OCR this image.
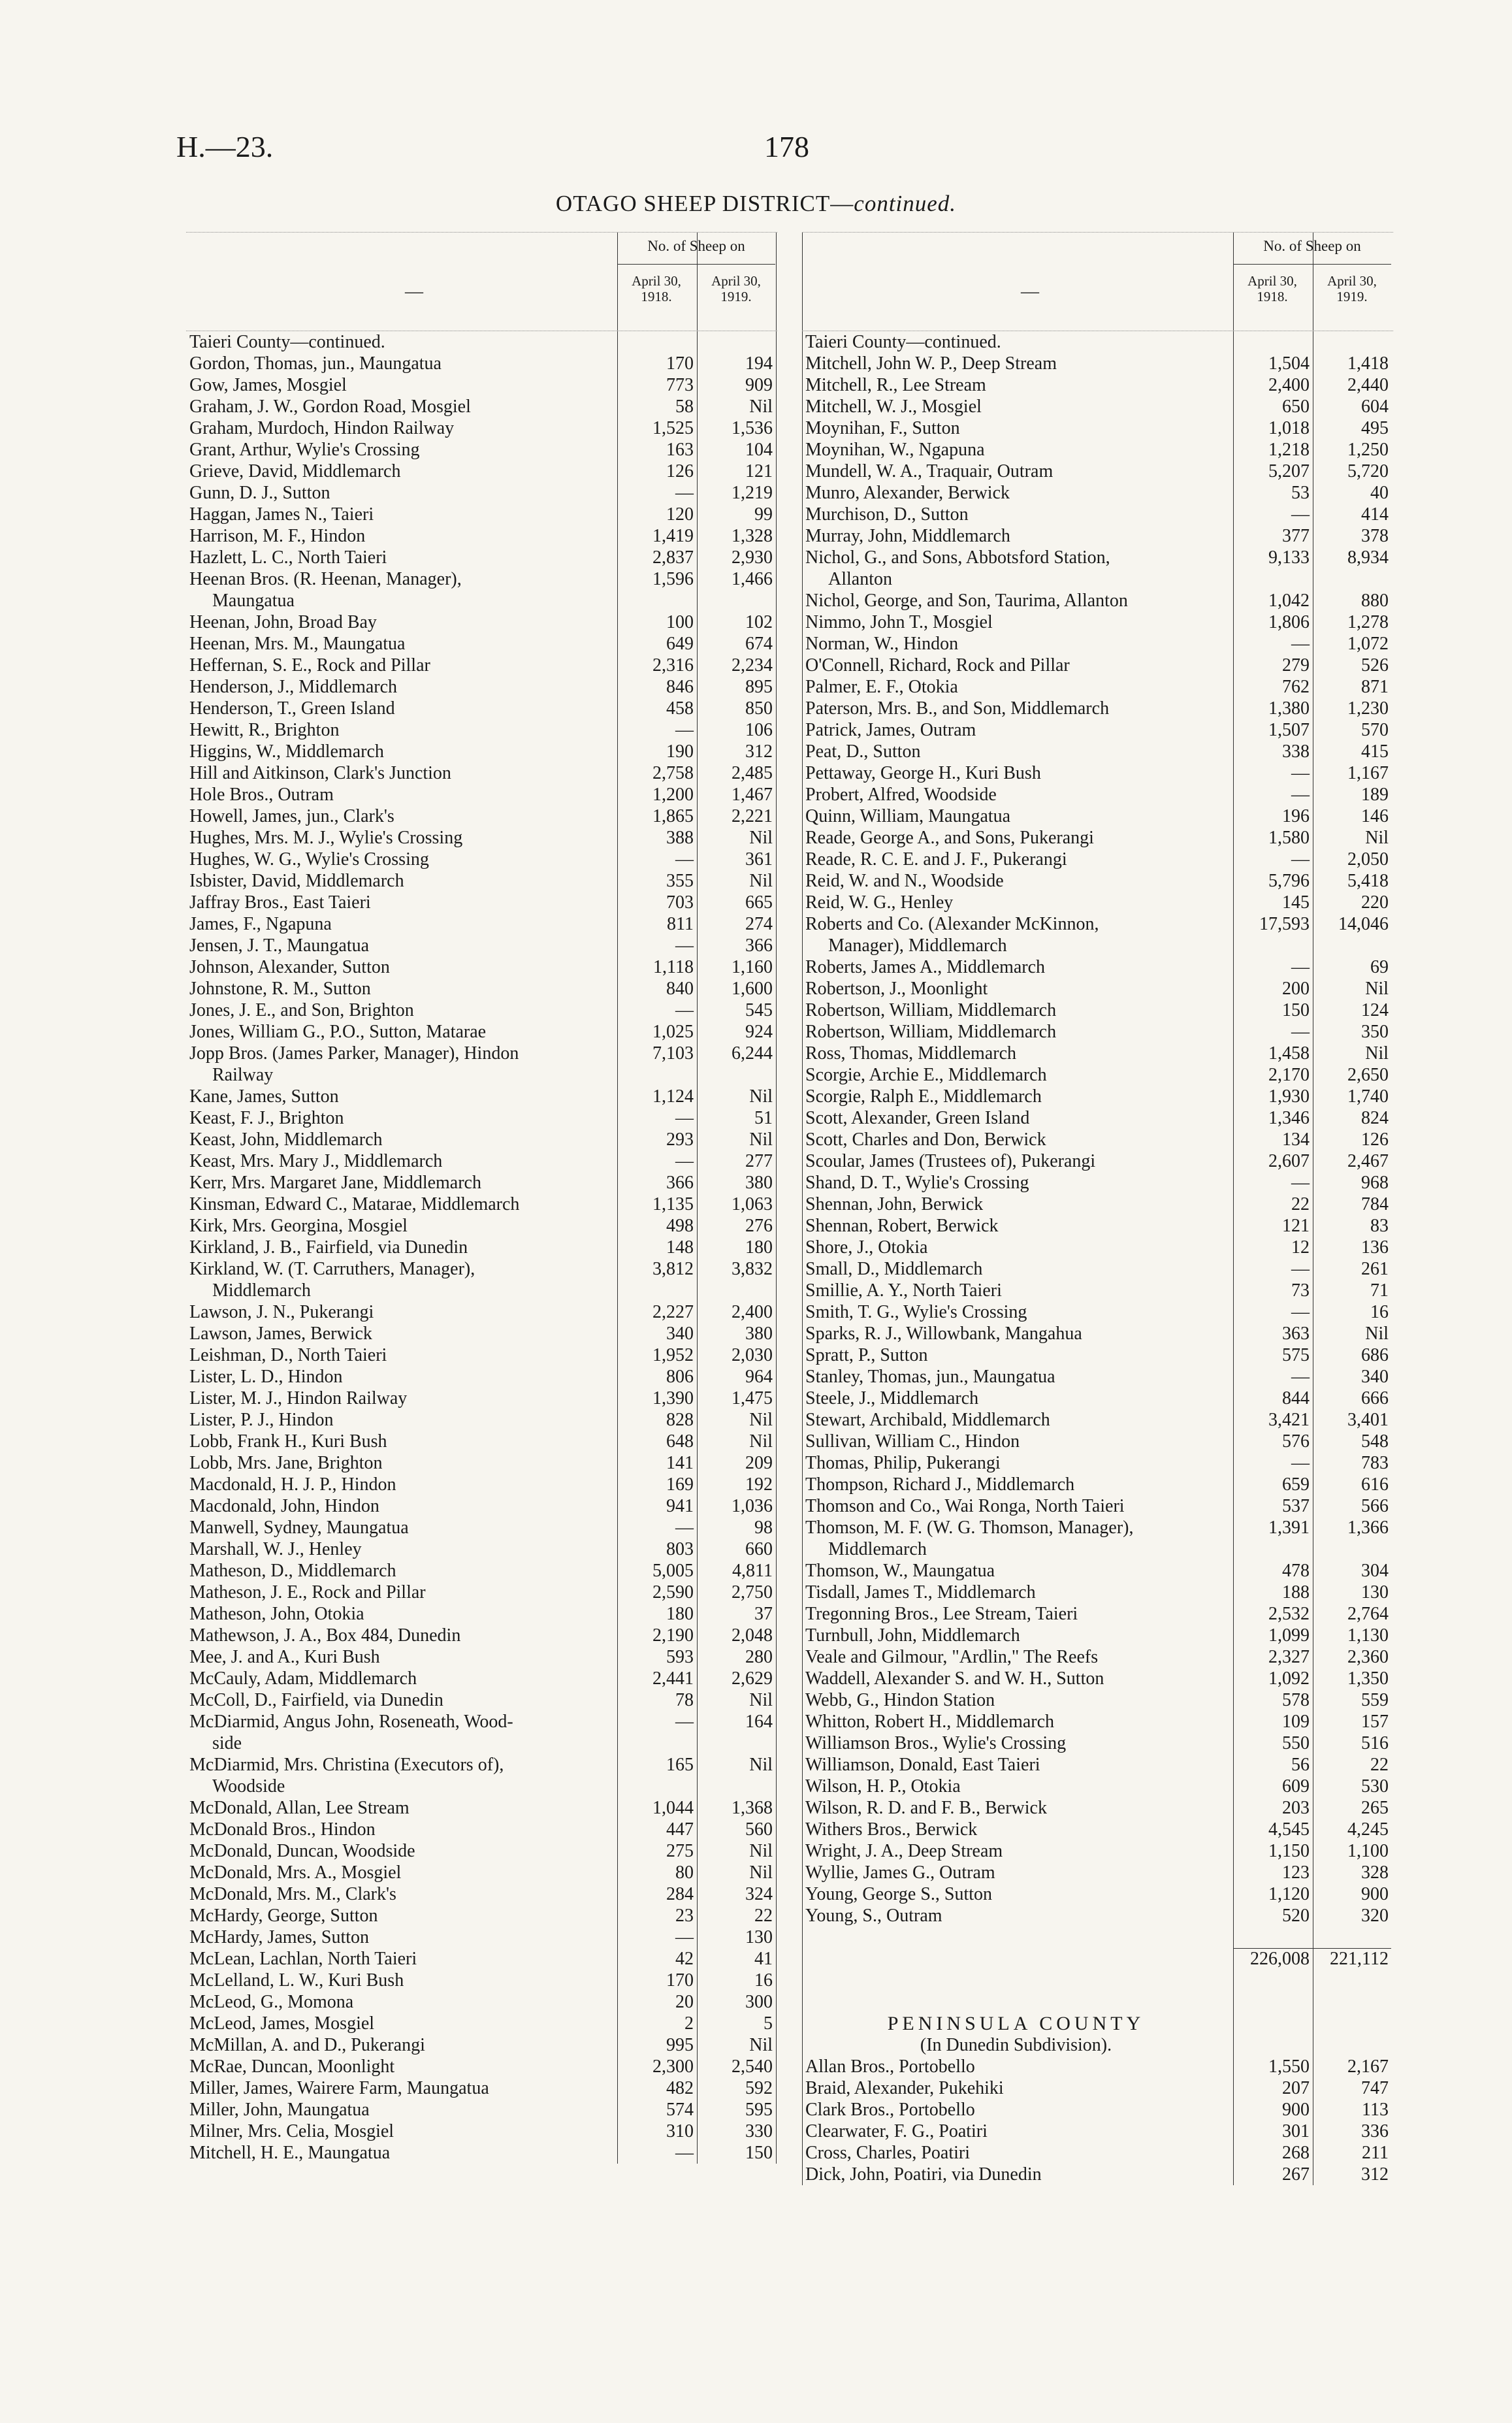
H.—23.	178
OTAGO SHEEP DISTRICT—continued.
—
No. of Sheep on
April 30, 1918.
April 30, 1919.
Taieri County—continued.
Gordon, Thomas, jun., Maungatua	170	194
Gow, James, Mosgiel	773	909
Graham, J. W., Gordon Road, Mosgiel	58	Nil
Graham, Murdoch, Hindon Railway	1,525	1,536
Grant, Arthur, Wylie's Crossing	163	104
Grieve, David, Middlemarch	126	121
Gunn, D. J., Sutton	—	1,219
Haggan, James N., Taieri	120	99
Harrison, M. F., Hindon	1,419	1,328
Hazlett, L. C., North Taieri	2,837	2,930
Heenan Bros. (R. Heenan, Manager),	1,596	1,466
Maungatua
Heenan, John, Broad Bay	100	102
Heenan, Mrs. M., Maungatua	649	674
Heffernan, S. E., Rock and Pillar	2,316	2,234
Henderson, J., Middlemarch	846	895
Henderson, T., Green Island	458	850
Hewitt, R., Brighton	—	106
Higgins, W., Middlemarch	190	312
Hill and Aitkinson, Clark's Junction	2,758	2,485
Hole Bros., Outram	1,200	1,467
Howell, James, jun., Clark's	1,865	2,221
Hughes, Mrs. M. J., Wylie's Crossing	388	Nil
Hughes, W. G., Wylie's Crossing	—	361
Isbister, David, Middlemarch	355	Nil
Jaffray Bros., East Taieri	703	665
James, F., Ngapuna	811	274
Jensen, J. T., Maungatua	—	366
Johnson, Alexander, Sutton	1,118	1,160
Johnstone, R. M., Sutton	840	1,600
Jones, J. E., and Son, Brighton	—	545
Jones, William G., P.O., Sutton, Matarae	1,025	924
Jopp Bros. (James Parker, Manager), Hindon	7,103	6,244
Railway
Kane, James, Sutton	1,124	Nil
Keast, F. J., Brighton	—	51
Keast, John, Middlemarch	293	Nil
Keast, Mrs. Mary J., Middlemarch	—	277
Kerr, Mrs. Margaret Jane, Middlemarch	366	380
Kinsman, Edward C., Matarae, Middlemarch	1,135	1,063
Kirk, Mrs. Georgina, Mosgiel	498	276
Kirkland, J. B., Fairfield, via Dunedin	148	180
Kirkland, W. (T. Carruthers, Manager),	3,812	3,832
Middlemarch
Lawson, J. N., Pukerangi	2,227	2,400
Lawson, James, Berwick	340	380
Leishman, D., North Taieri	1,952	2,030
Lister, L. D., Hindon	806	964
Lister, M. J., Hindon Railway	1,390	1,475
Lister, P. J., Hindon	828	Nil
Lobb, Frank H., Kuri Bush	648	Nil
Lobb, Mrs. Jane, Brighton	141	209
Macdonald, H. J. P., Hindon	169	192
Macdonald, John, Hindon	941	1,036
Manwell, Sydney, Maungatua	—	98
Marshall, W. J., Henley	803	660
Matheson, D., Middlemarch	5,005	4,811
Matheson, J. E., Rock and Pillar	2,590	2,750
Matheson, John, Otokia	180	37
Mathewson, J. A., Box 484, Dunedin	2,190	2,048
Mee, J. and A., Kuri Bush	593	280
McCauly, Adam, Middlemarch	2,441	2,629
McColl, D., Fairfield, via Dunedin	78	Nil
McDiarmid, Angus John, Roseneath, Wood-	—	164
side
McDiarmid, Mrs. Christina (Executors of),	165	Nil
Woodside
McDonald, Allan, Lee Stream	1,044	1,368
McDonald Bros., Hindon	447	560
McDonald, Duncan, Woodside	275	Nil
McDonald, Mrs. A., Mosgiel	80	Nil
McDonald, Mrs. M., Clark's	284	324
McHardy, George, Sutton	23	22
McHardy, James, Sutton	—	130
McLean, Lachlan, North Taieri	42	41
McLelland, L. W., Kuri Bush	170	16
McLeod, G., Momona	20	300
McLeod, James, Mosgiel	2	5
McMillan, A. and D., Pukerangi	995	Nil
McRae, Duncan, Moonlight	2,300	2,540
Miller, James, Wairere Farm, Maungatua	482	592
Miller, John, Maungatua	574	595
Milner, Mrs. Celia, Mosgiel	310	330
Mitchell, H. E., Maungatua	—	150
—
No. of Sheep on
April 30, 1918.
April 30, 1919.
Taieri County—continued.
Mitchell, John W. P., Deep Stream	1,504	1,418
Mitchell, R., Lee Stream	2,400	2,440
Mitchell, W. J., Mosgiel	650	604
Moynihan, F., Sutton	1,018	495
Moynihan, W., Ngapuna	1,218	1,250
Mundell, W. A., Traquair, Outram	5,207	5,720
Munro, Alexander, Berwick	53	40
Murchison, D., Sutton	—	414
Murray, John, Middlemarch	377	378
Nichol, G., and Sons, Abbotsford Station,	9,133	8,934
Allanton
Nichol, George, and Son, Taurima, Allanton	1,042	880
Nimmo, John T., Mosgiel	1,806	1,278
Norman, W., Hindon	—	1,072
O'Connell, Richard, Rock and Pillar	279	526
Palmer, E. F., Otokia	762	871
Paterson, Mrs. B., and Son, Middlemarch	1,380	1,230
Patrick, James, Outram	1,507	570
Peat, D., Sutton	338	415
Pettaway, George H., Kuri Bush	—	1,167
Probert, Alfred, Woodside	—	189
Quinn, William, Maungatua	196	146
Reade, George A., and Sons, Pukerangi	1,580	Nil
Reade, R. C. E. and J. F., Pukerangi	—	2,050
Reid, W. and N., Woodside	5,796	5,418
Reid, W. G., Henley	145	220
Roberts and Co. (Alexander McKinnon,	17,593	14,046
Manager), Middlemarch
Roberts, James A., Middlemarch	—	69
Robertson, J., Moonlight	200	Nil
Robertson, William, Middlemarch	150	124
Robertson, William, Middlemarch	—	350
Ross, Thomas, Middlemarch	1,458	Nil
Scorgie, Archie E., Middlemarch	2,170	2,650
Scorgie, Ralph E., Middlemarch	1,930	1,740
Scott, Alexander, Green Island	1,346	824
Scott, Charles and Don, Berwick	134	126
Scoular, James (Trustees of), Pukerangi	2,607	2,467
Shand, D. T., Wylie's Crossing	—	968
Shennan, John, Berwick	22	784
Shennan, Robert, Berwick	121	83
Shore, J., Otokia	12	136
Small, D., Middlemarch	—	261
Smillie, A. Y., North Taieri	73	71
Smith, T. G., Wylie's Crossing	—	16
Sparks, R. J., Willowbank, Mangahua	363	Nil
Spratt, P., Sutton	575	686
Stanley, Thomas, jun., Maungatua	—	340
Steele, J., Middlemarch	844	666
Stewart, Archibald, Middlemarch	3,421	3,401
Sullivan, William C., Hindon	576	548
Thomas, Philip, Pukerangi	—	783
Thompson, Richard J., Middlemarch	659	616
Thomson and Co., Wai Ronga, North Taieri	537	566
Thomson, M. F. (W. G. Thomson, Manager),	1,391	1,366
Middlemarch
Thomson, W., Maungatua	478	304
Tisdall, James T., Middlemarch	188	130
Tregonning Bros., Lee Stream, Taieri	2,532	2,764
Turnbull, John, Middlemarch	1,099	1,130
Veale and Gilmour, "Ardlin," The Reefs	2,327	2,360
Waddell, Alexander S. and W. H., Sutton	1,092	1,350
Webb, G., Hindon Station	578	559
Whitton, Robert H., Middlemarch	109	157
Williamson Bros., Wylie's Crossing	550	516
Williamson, Donald, East Taieri	56	22
Wilson, H. P., Otokia	609	530
Wilson, R. D. and F. B., Berwick	203	265
Withers Bros., Berwick	4,545	4,245
Wright, J. A., Deep Stream	1,150	1,100
Wyllie, James G., Outram	123	328
Young, George S., Sutton	1,120	900
Young, S., Outram	520	320
226,008	221,112
PENINSULA COUNTY
(In Dunedin Subdivision).
Allan Bros., Portobello	1,550	2,167
Braid, Alexander, Pukehiki	207	747
Clark Bros., Portobello	900	113
Clearwater, F. G., Poatiri	301	336
Cross, Charles, Poatiri	268	211
Dick, John, Poatiri, via Dunedin	267	312
